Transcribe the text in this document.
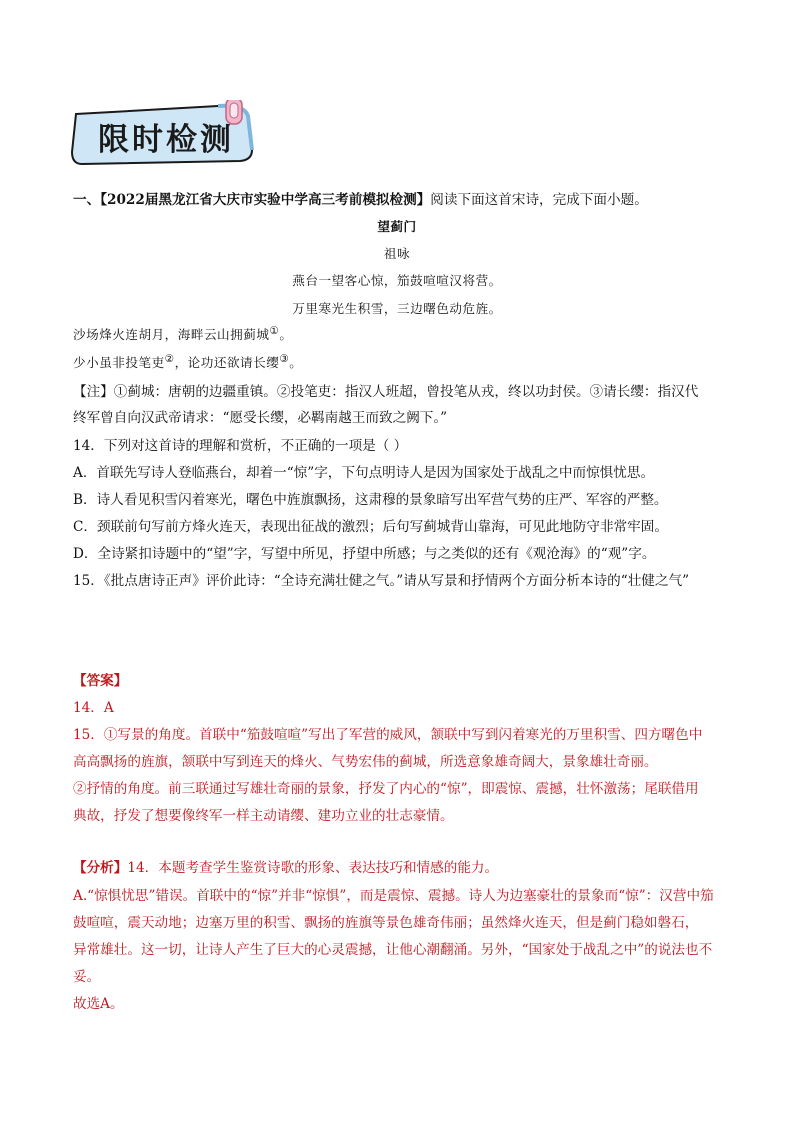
限时检测
一、【2022届黑龙江省大庆市实验中学高三考前模拟检测】阅读下面这首宋诗，完成下面小题。
望蓟门
祖咏
燕台一望客心惊，笳鼓喧喧汉将营。
万里寒光生积雪，三边曙色动危旌。
沙场烽火连胡月，海畔云山拥蓟城①。
少小虽非投笔吏②，论功还欲请长缨③。
【注】①蓟城：唐朝的边疆重镇。②投笔吏：指汉人班超，曾投笔从戎，终以功封侯。③请长缨：指汉代
终军曾自向汉武帝请求：“愿受长缨，必羁南越王而致之阙下。”
14．下列对这首诗的理解和赏析，不正确的一项是（ ）
A．首联先写诗人登临燕台，却着一“惊”字，下句点明诗人是因为国家处于战乱之中而惊惧忧思。
B．诗人看见积雪闪着寒光，曙色中旌旗飘扬，这肃穆的景象暗写出军营气势的庄严、军容的严整。
C．颈联前句写前方烽火连天，表现出征战的激烈；后句写蓟城背山靠海，可见此地防守非常牢固。
D．全诗紧扣诗题中的“望”字，写望中所见，抒望中所感；与之类似的还有《观沧海》的“观”字。
15．《批点唐诗正声》评价此诗：“全诗充满壮健之气。”请从写景和抒情两个方面分析本诗的“壮健之气”
【答案】
14．A
15．①写景的角度。首联中“笳鼓喧喧”写出了军营的威风，颔联中写到闪着寒光的万里积雪、四方曙色中
高高飘扬的旌旗，颔联中写到连天的烽火、气势宏伟的蓟城，所选意象雄奇阔大，景象雄壮奇丽。
②抒情的角度。前三联通过写雄壮奇丽的景象，抒发了内心的“惊”，即震惊、震撼，壮怀激荡；尾联借用
典故，抒发了想要像终军一样主动请缨、建功立业的壮志豪情。
【分析】14．本题考查学生鉴赏诗歌的形象、表达技巧和情感的能力。
A.“惊惧忧思”错误。首联中的“惊”并非“惊惧”，而是震惊、震撼。诗人为边塞豪壮的景象而“惊”：汉营中笳
鼓喧喧，震天动地；边塞万里的积雪、飘扬的旌旗等景色雄奇伟丽；虽然烽火连天，但是蓟门稳如磐石，
异常雄壮。这一切，让诗人产生了巨大的心灵震撼，让他心潮翻涌。另外，“国家处于战乱之中”的说法也不
妥。
故选A。
